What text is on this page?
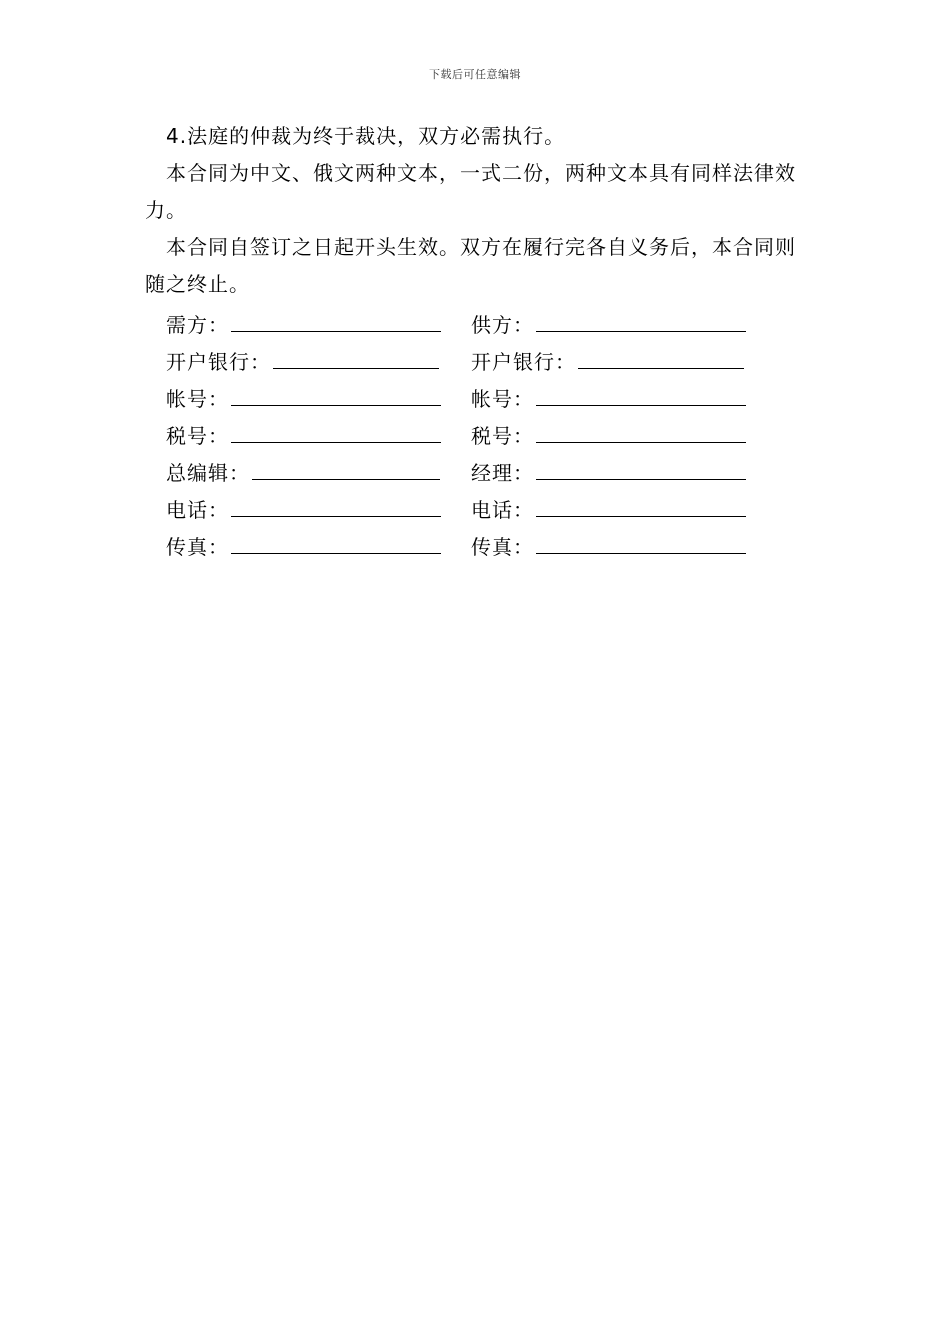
下载后可任意编辑

4.法庭的仲裁为终于裁决，双方必需执行。

本合同为中文、俄文两种文本，一式二份，两种文本具有同样法律效力。

本合同自签订之日起开头生效。双方在履行完各自义务后，本合同则随之终止。

需方：	供方：
开户银行：	开户银行：
帐号：	帐号：
税号：	税号：
总编辑：	经理：
电话：	电话：
传真：	传真：
